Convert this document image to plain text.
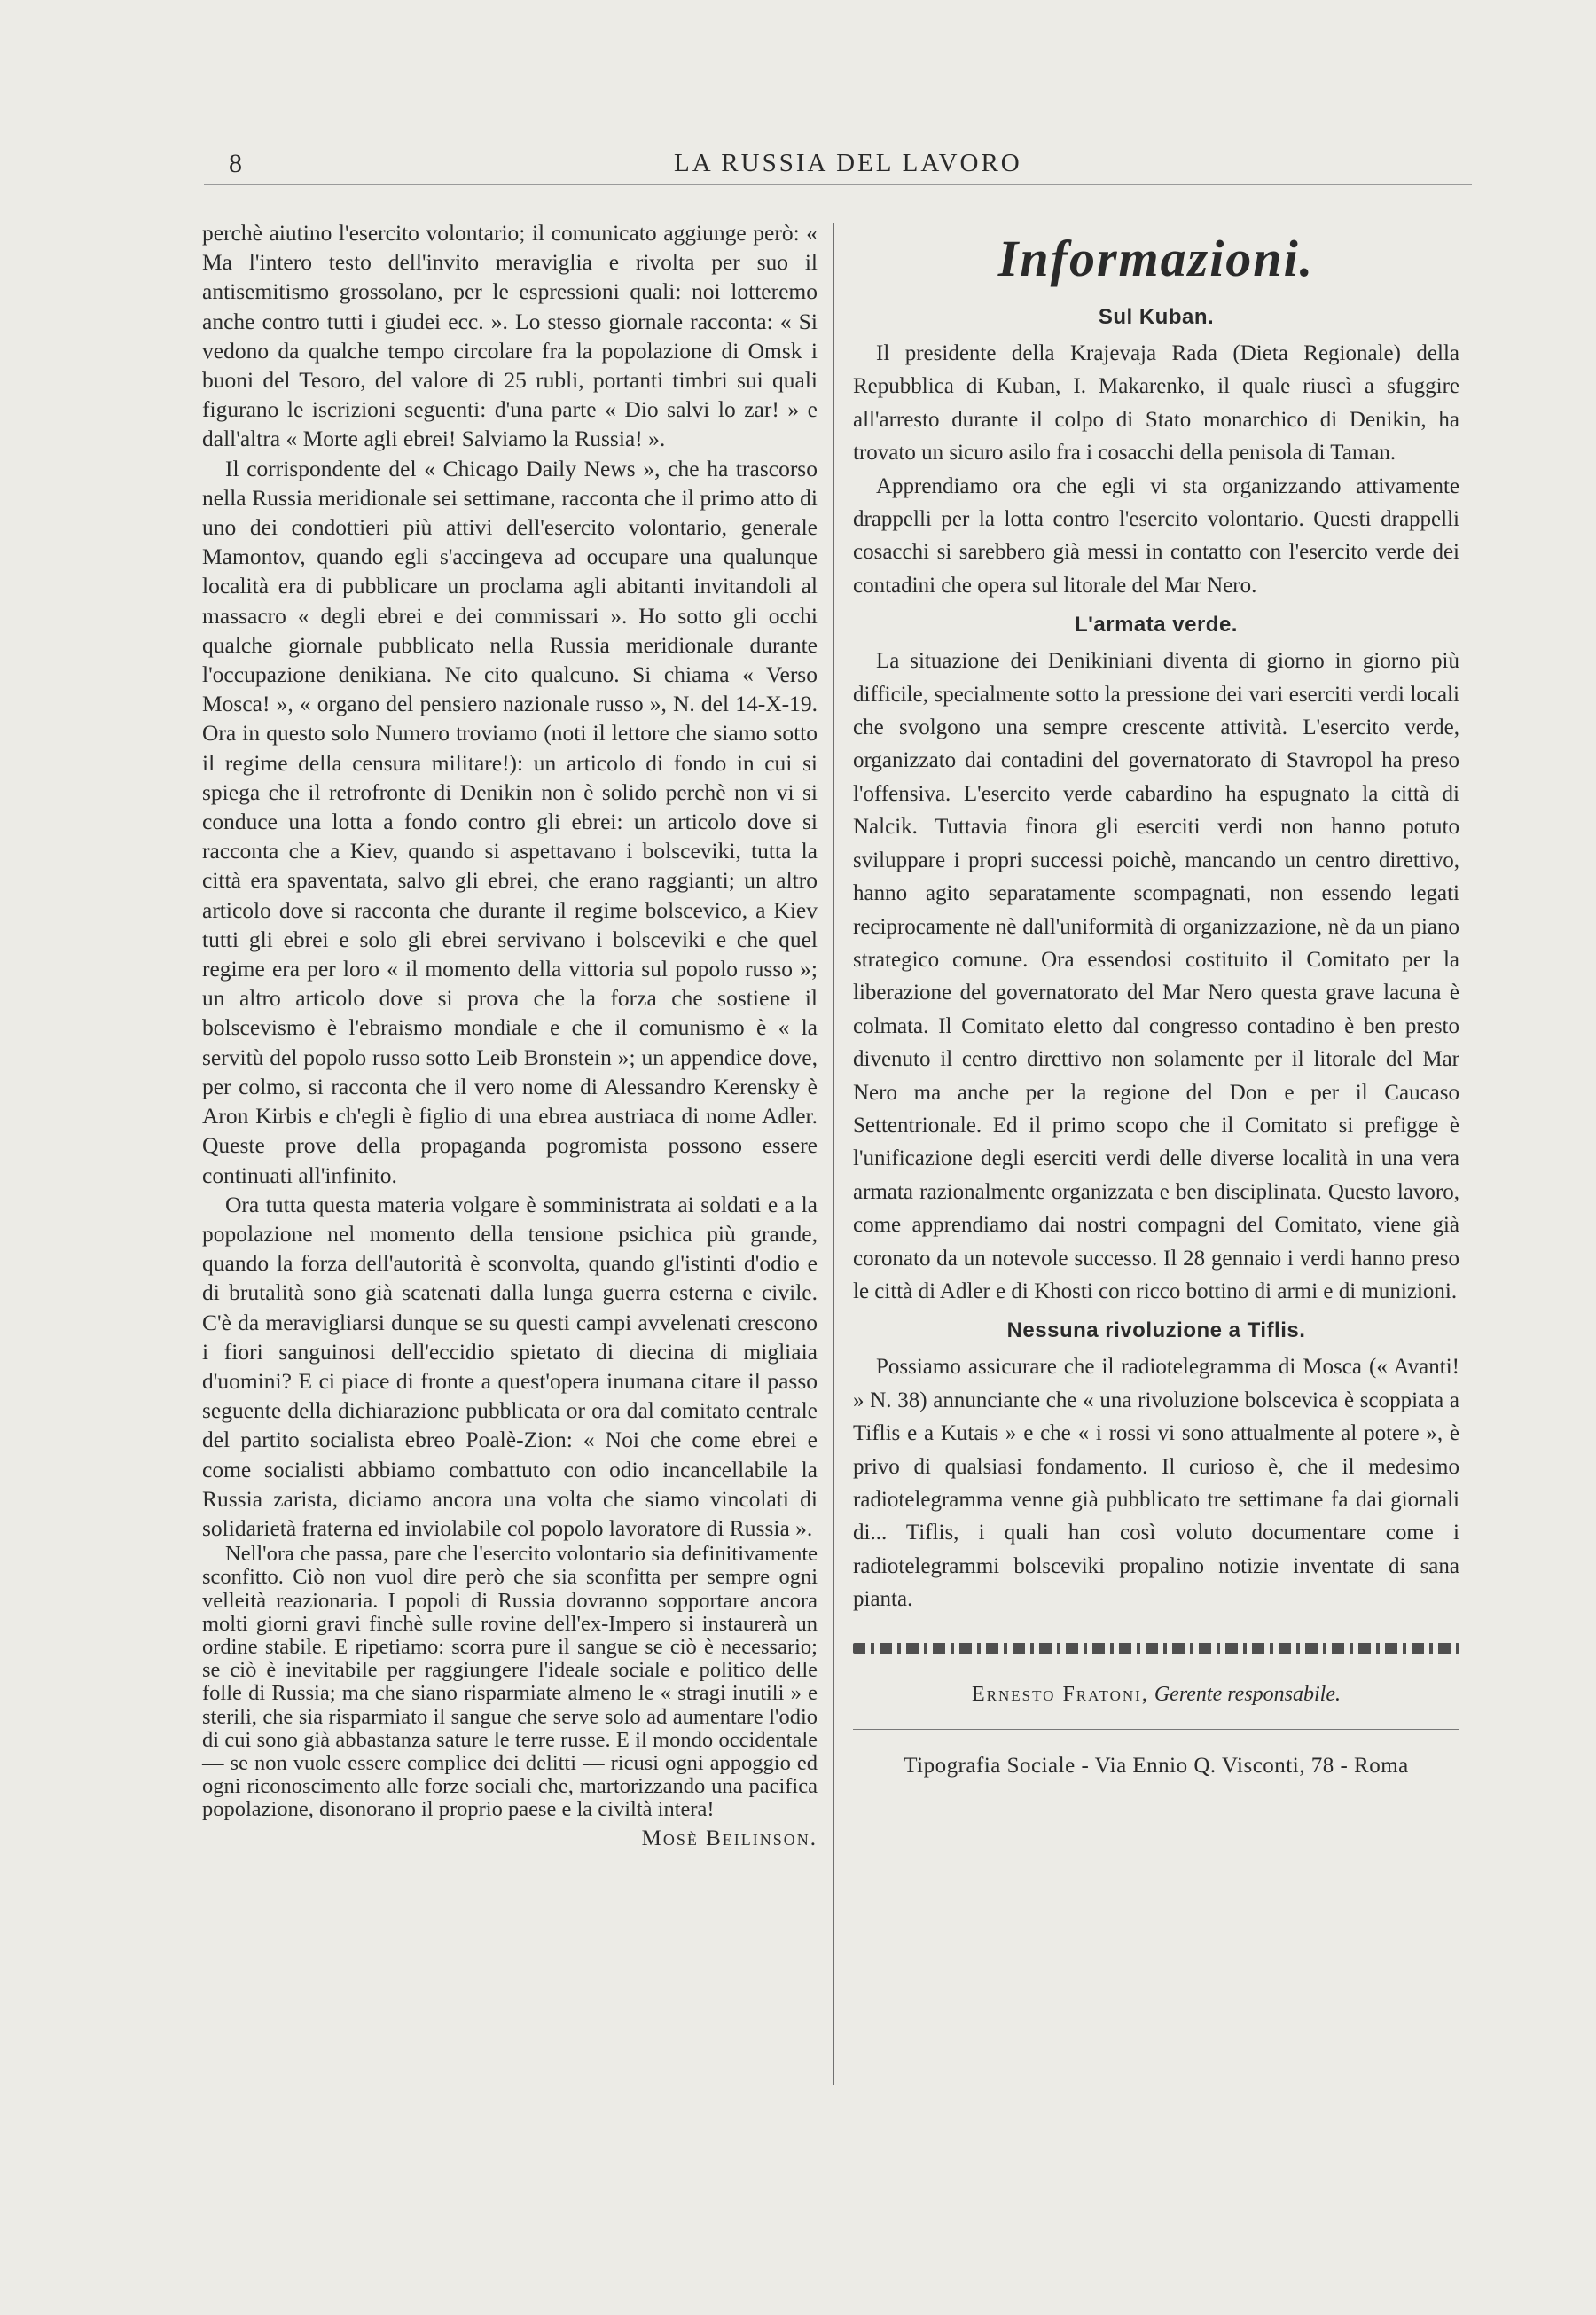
8	LA RUSSIA DEL LAVORO

perchè aiutino l'esercito volontario; il comunicato aggiunge però: « Ma l'intero testo dell'invito meraviglia e rivolta per suo il antisemitismo grossolano, per le espressioni quali: noi lotteremo anche contro tutti i giudei ecc. ». Lo stesso giornale racconta: « Si vedono da qualche tempo circolare fra la popolazione di Omsk i buoni del Tesoro, del valore di 25 rubli, portanti timbri sui quali figurano le iscrizioni seguenti: d'una parte « Dio salvi lo zar! » e dall'altra « Morte agli ebrei! Salviamo la Russia! ».

Il corrispondente del « Chicago Daily News », che ha trascorso nella Russia meridionale sei settimane, racconta che il primo atto di uno dei condottieri più attivi dell'esercito volontario, generale Mamontov, quando egli s'accingeva ad occupare una qualunque località era di pubblicare un proclama agli abitanti invitandoli al massacro « degli ebrei e dei commissari ». Ho sotto gli occhi qualche giornale pubblicato nella Russia meridionale durante l'occupazione denikiana. Ne cito qualcuno. Si chiama « Verso Mosca! », « organo del pensiero nazionale russo », N. del 14-X-19. Ora in questo solo Numero troviamo (noti il lettore che siamo sotto il regime della censura militare!): un articolo di fondo in cui si spiega che il retrofronte di Denikin non è solido perchè non vi si conduce una lotta a fondo contro gli ebrei: un articolo dove si racconta che a Kiev, quando si aspettavano i bolsceviki, tutta la città era spaventata, salvo gli ebrei, che erano raggianti; un altro articolo dove si racconta che durante il regime bolscevico, a Kiev tutti gli ebrei e solo gli ebrei servivano i bolsceviki e che quel regime era per loro « il momento della vittoria sul popolo russo »; un altro articolo dove si prova che la forza che sostiene il bolscevismo è l'ebraismo mondiale e che il comunismo è « la servitù del popolo russo sotto Leib Bronstein »; un appendice dove, per colmo, si racconta che il vero nome di Alessandro Kerensky è Aron Kirbis e ch'egli è figlio di una ebrea austriaca di nome Adler. Queste prove della propaganda pogromista possono essere continuati all'infinito.

Ora tutta questa materia volgare è somministrata ai soldati e a la popolazione nel momento della tensione psichica più grande, quando la forza dell'autorità è sconvolta, quando gl'istinti d'odio e di brutalità sono già scatenati dalla lunga guerra esterna e civile. C'è da meravigliarsi dunque se su questi campi avvelenati crescono i fiori sanguinosi dell'eccidio spietato di diecina di migliaia d'uomini? E ci piace di fronte a quest'opera inumana citare il passo seguente della dichiarazione pubblicata or ora dal comitato centrale del partito socialista ebreo Poalè-Zion: « Noi che come ebrei e come socialisti abbiamo combattuto con odio incancellabile la Russia zarista, diciamo ancora una volta che siamo vincolati di solidarietà fraterna ed inviolabile col popolo lavoratore di Russia ».

Nell'ora che passa, pare che l'esercito volontario sia definitivamente sconfitto. Ciò non vuol dire però che sia sconfitta per sempre ogni velleità reazionaria. I popoli di Russia dovranno sopportare ancora molti giorni gravi finchè sulle rovine dell'ex-Impero si instaurerà un ordine stabile. E ripetiamo: scorra pure il sangue se ciò è necessario; se ciò è inevitabile per raggiungere l'ideale sociale e politico delle folle di Russia; ma che siano risparmiate almeno le « stragi inutili » e sterili, che sia risparmiato il sangue che serve solo ad aumentare l'odio di cui sono già abbastanza sature le terre russe. E il mondo occidentale — se non vuole essere complice dei delitti — ricusi ogni appoggio ed ogni riconoscimento alle forze sociali che, martorizzando una pacifica popolazione, disonorano il proprio paese e la civiltà intera!

Mosè Beilinson.
Informazioni.
Sul Kuban.

Il presidente della Krajevaja Rada (Dieta Regionale) della Repubblica di Kuban, I. Makarenko, il quale riuscì a sfuggire all'arresto durante il colpo di Stato monarchico di Denikin, ha trovato un sicuro asilo fra i cosacchi della penisola di Taman.

Apprendiamo ora che egli vi sta organizzando attivamente drappelli per la lotta contro l'esercito volontario. Questi drappelli cosacchi si sarebbero già messi in contatto con l'esercito verde dei contadini che opera sul litorale del Mar Nero.

L'armata verde.

La situazione dei Denikiniani diventa di giorno in giorno più difficile, specialmente sotto la pressione dei vari eserciti verdi locali che svolgono una sempre crescente attività. L'esercito verde, organizzato dai contadini del governatorato di Stavropol ha preso l'offensiva. L'esercito verde cabardino ha espugnato la città di Nalcik. Tuttavia finora gli eserciti verdi non hanno potuto sviluppare i propri successi poichè, mancando un centro direttivo, hanno agito separatamente scompagnati, non essendo legati reciprocamente nè dall'uniformità di organizzazione, nè da un piano strategico comune. Ora essendosi costituito il Comitato per la liberazione del governatorato del Mar Nero questa grave lacuna è colmata. Il Comitato eletto dal congresso contadino è ben presto divenuto il centro direttivo non solamente per il litorale del Mar Nero ma anche per la regione del Don e per il Caucaso Settentrionale. Ed il primo scopo che il Comitato si prefigge è l'unificazione degli eserciti verdi delle diverse località in una vera armata razionalmente organizzata e ben disciplinata. Questo lavoro, come apprendiamo dai nostri compagni del Comitato, viene già coronato da un notevole successo. Il 28 gennaio i verdi hanno preso le città di Adler e di Khosti con ricco bottino di armi e di munizioni.

Nessuna rivoluzione a Tiflis.

Possiamo assicurare che il radiotelegramma di Mosca (« Avanti! » N. 38) annunciante che « una rivoluzione bolscevica è scoppiata a Tiflis e a Kutais » e che « i rossi vi sono attualmente al potere », è privo di qualsiasi fondamento. Il curioso è, che il medesimo radiotelegramma venne già pubblicato tre settimane fa dai giornali di... Tiflis, i quali han così voluto documentare come i radiotelegrammi bolsceviki propalino notizie inventate di sana pianta.

Ernesto Fratoni, Gerente responsabile.
Tipografia Sociale - Via Ennio Q. Visconti, 78 - Roma
